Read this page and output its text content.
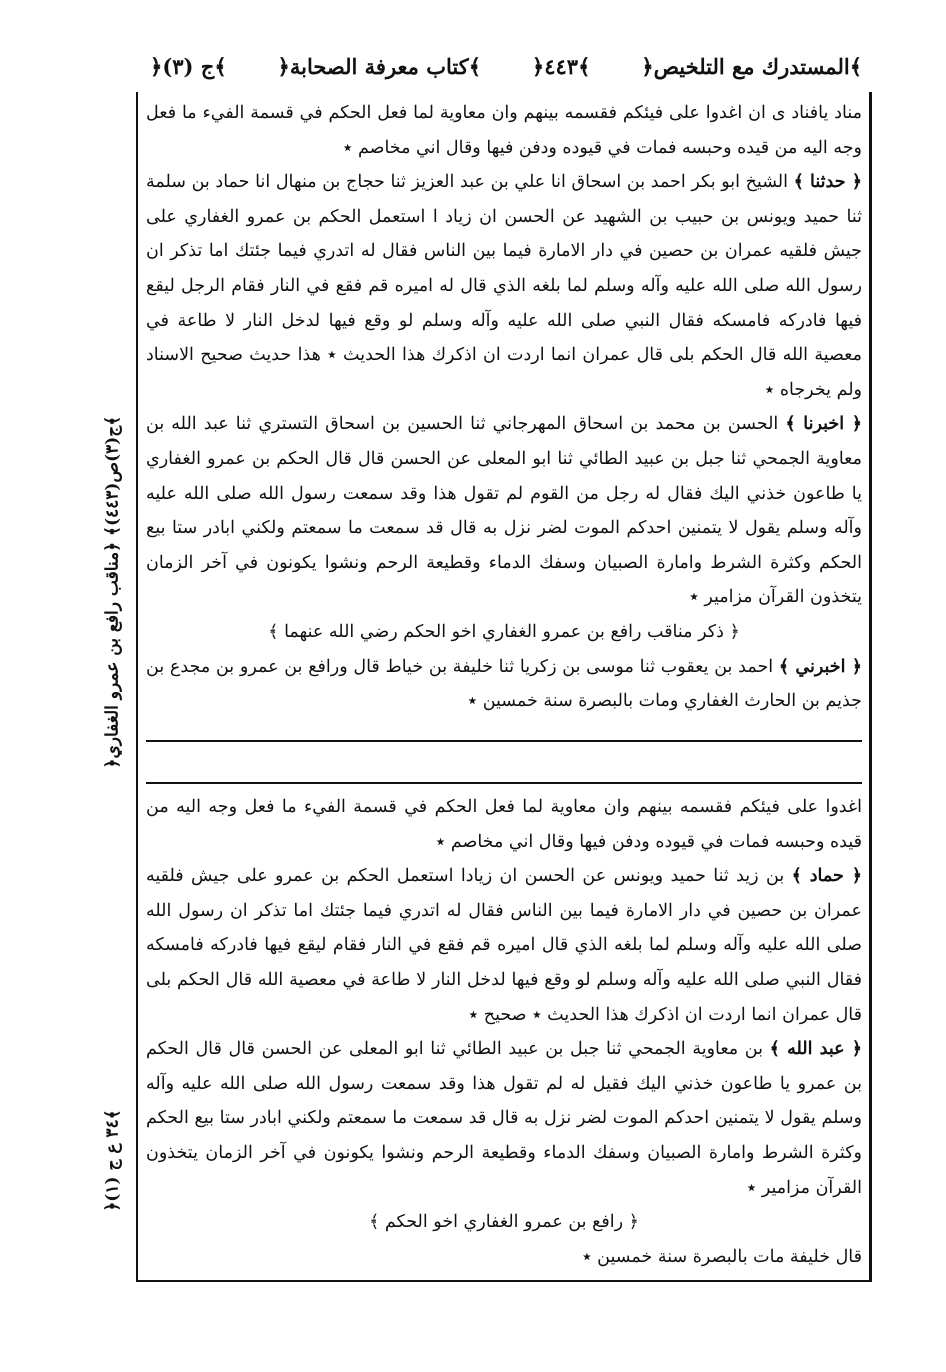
﴿المستدرك مع التلخيص﴾
﴿٤٤٣﴾
﴿كتاب معرفة الصحابة﴾
﴿ج (٣)﴾

مناد يافناد ى ان اغدوا على فيئكم فقسمه بينهم وان معاوية لما فعل الحكم في قسمة الفيء ما فعل وجه اليه من قيده وحبسه فمات في قيوده ودفن فيها وقال اني مخاصم ٭

﴿ حدثنا ﴾ الشيخ ابو بكر احمد بن اسحاق انا علي بن عبد العزيز ثنا حجاج بن منهال انا حماد بن سلمة ثنا حميد ويونس بن حبيب بن الشهيد عن الحسن ان زياد ا استعمل الحكم بن عمرو الغفاري على جيش فلقيه عمران بن حصين في دار الامارة فيما بين الناس فقال له اتدري فيما جئتك اما تذكر ان رسول الله صلى الله عليه وآله وسلم لما بلغه الذي قال له اميره قم فقع في النار فقام الرجل ليقع فيها فادركه فامسكه فقال النبي صلى الله عليه وآله وسلم لو وقع فيها لدخل النار لا طاعة في معصية الله قال الحكم بلى قال عمران انما اردت ان اذكرك هذا الحديث ٭ هذا حديث صحيح الاسناد ولم يخرجاه ٭

﴿ اخبرنا ﴾ الحسن بن محمد بن اسحاق المهرجاني ثنا الحسين بن اسحاق التستري ثنا عبد الله بن معاوية الجمحي ثنا جبل بن عبيد الطائي ثنا ابو المعلى عن الحسن قال قال الحكم بن عمرو الغفاري يا طاعون خذني اليك فقال له رجل من القوم لم تقول هذا وقد سمعت رسول الله صلى الله عليه وآله وسلم يقول لا يتمنين احدكم الموت لضر نزل به قال قد سمعت ما سمعتم ولكني ابادر ستا بيع الحكم وكثرة الشرط وامارة الصبيان وسفك الدماء وقطيعة الرحم ونشوا يكونون في آخر الزمان يتخذون القرآن مزامير ٭

﴿ ذكر مناقب رافع بن عمرو الغفاري اخو الحكم رضي الله عنهما ﴾

﴿ اخبرني ﴾ احمد بن يعقوب ثنا موسى بن زكريا ثنا خليفة بن خياط قال ورافع بن عمرو بن مجدع بن جذيم بن الحارث الغفاري ومات بالبصرة سنة خمسين ٭

اغدوا على فيئكم فقسمه بينهم وان معاوية لما فعل الحكم في قسمة الفيء ما فعل وجه اليه من قيده وحبسه فمات في قيوده ودفن فيها وقال اني مخاصم ٭

﴿ حماد ﴾ بن زيد ثنا حميد ويونس عن الحسن ان زيادا استعمل الحكم بن عمرو على جيش فلقيه عمران بن حصين في دار الامارة فيما بين الناس فقال له اتدري فيما جئتك اما تذكر ان رسول الله صلى الله عليه وآله وسلم لما بلغه الذي قال اميره قم فقع في النار فقام ليقع فيها فادركه فامسكه فقال النبي صلى الله عليه وآله وسلم لو وقع فيها لدخل النار لا طاعة في معصية الله قال الحكم بلى قال عمران انما اردت ان اذكرك هذا الحديث ٭ صحيح ٭

﴿ عبد الله ﴾ بن معاوية الجمحي ثنا جبل بن عبيد الطائي ثنا ابو المعلى عن الحسن قال قال الحكم بن عمرو يا طاعون خذني اليك فقيل له لم تقول هذا وقد سمعت رسول الله صلى الله عليه وآله وسلم يقول لا يتمنين احدكم الموت لضر نزل به قال قد سمعت ما سمعتم ولكني ابادر ستا بيع الحكم وكثرة الشرط وامارة الصبيان وسفك الدماء وقطيعة الرحم ونشوا يكونون في آخر الزمان يتخذون القرآن مزامير ٭

﴿ رافع بن عمرو الغفاري اخو الحكم ﴾

قال خليفة مات بالبصرة سنة خمسين ٭

﴿ج(٣)ص(٤٤٣)﴾ ﴿مناقب رافع بن عمرو الغفاري﴾
﴿٣٤ ع ج (١)﴾
